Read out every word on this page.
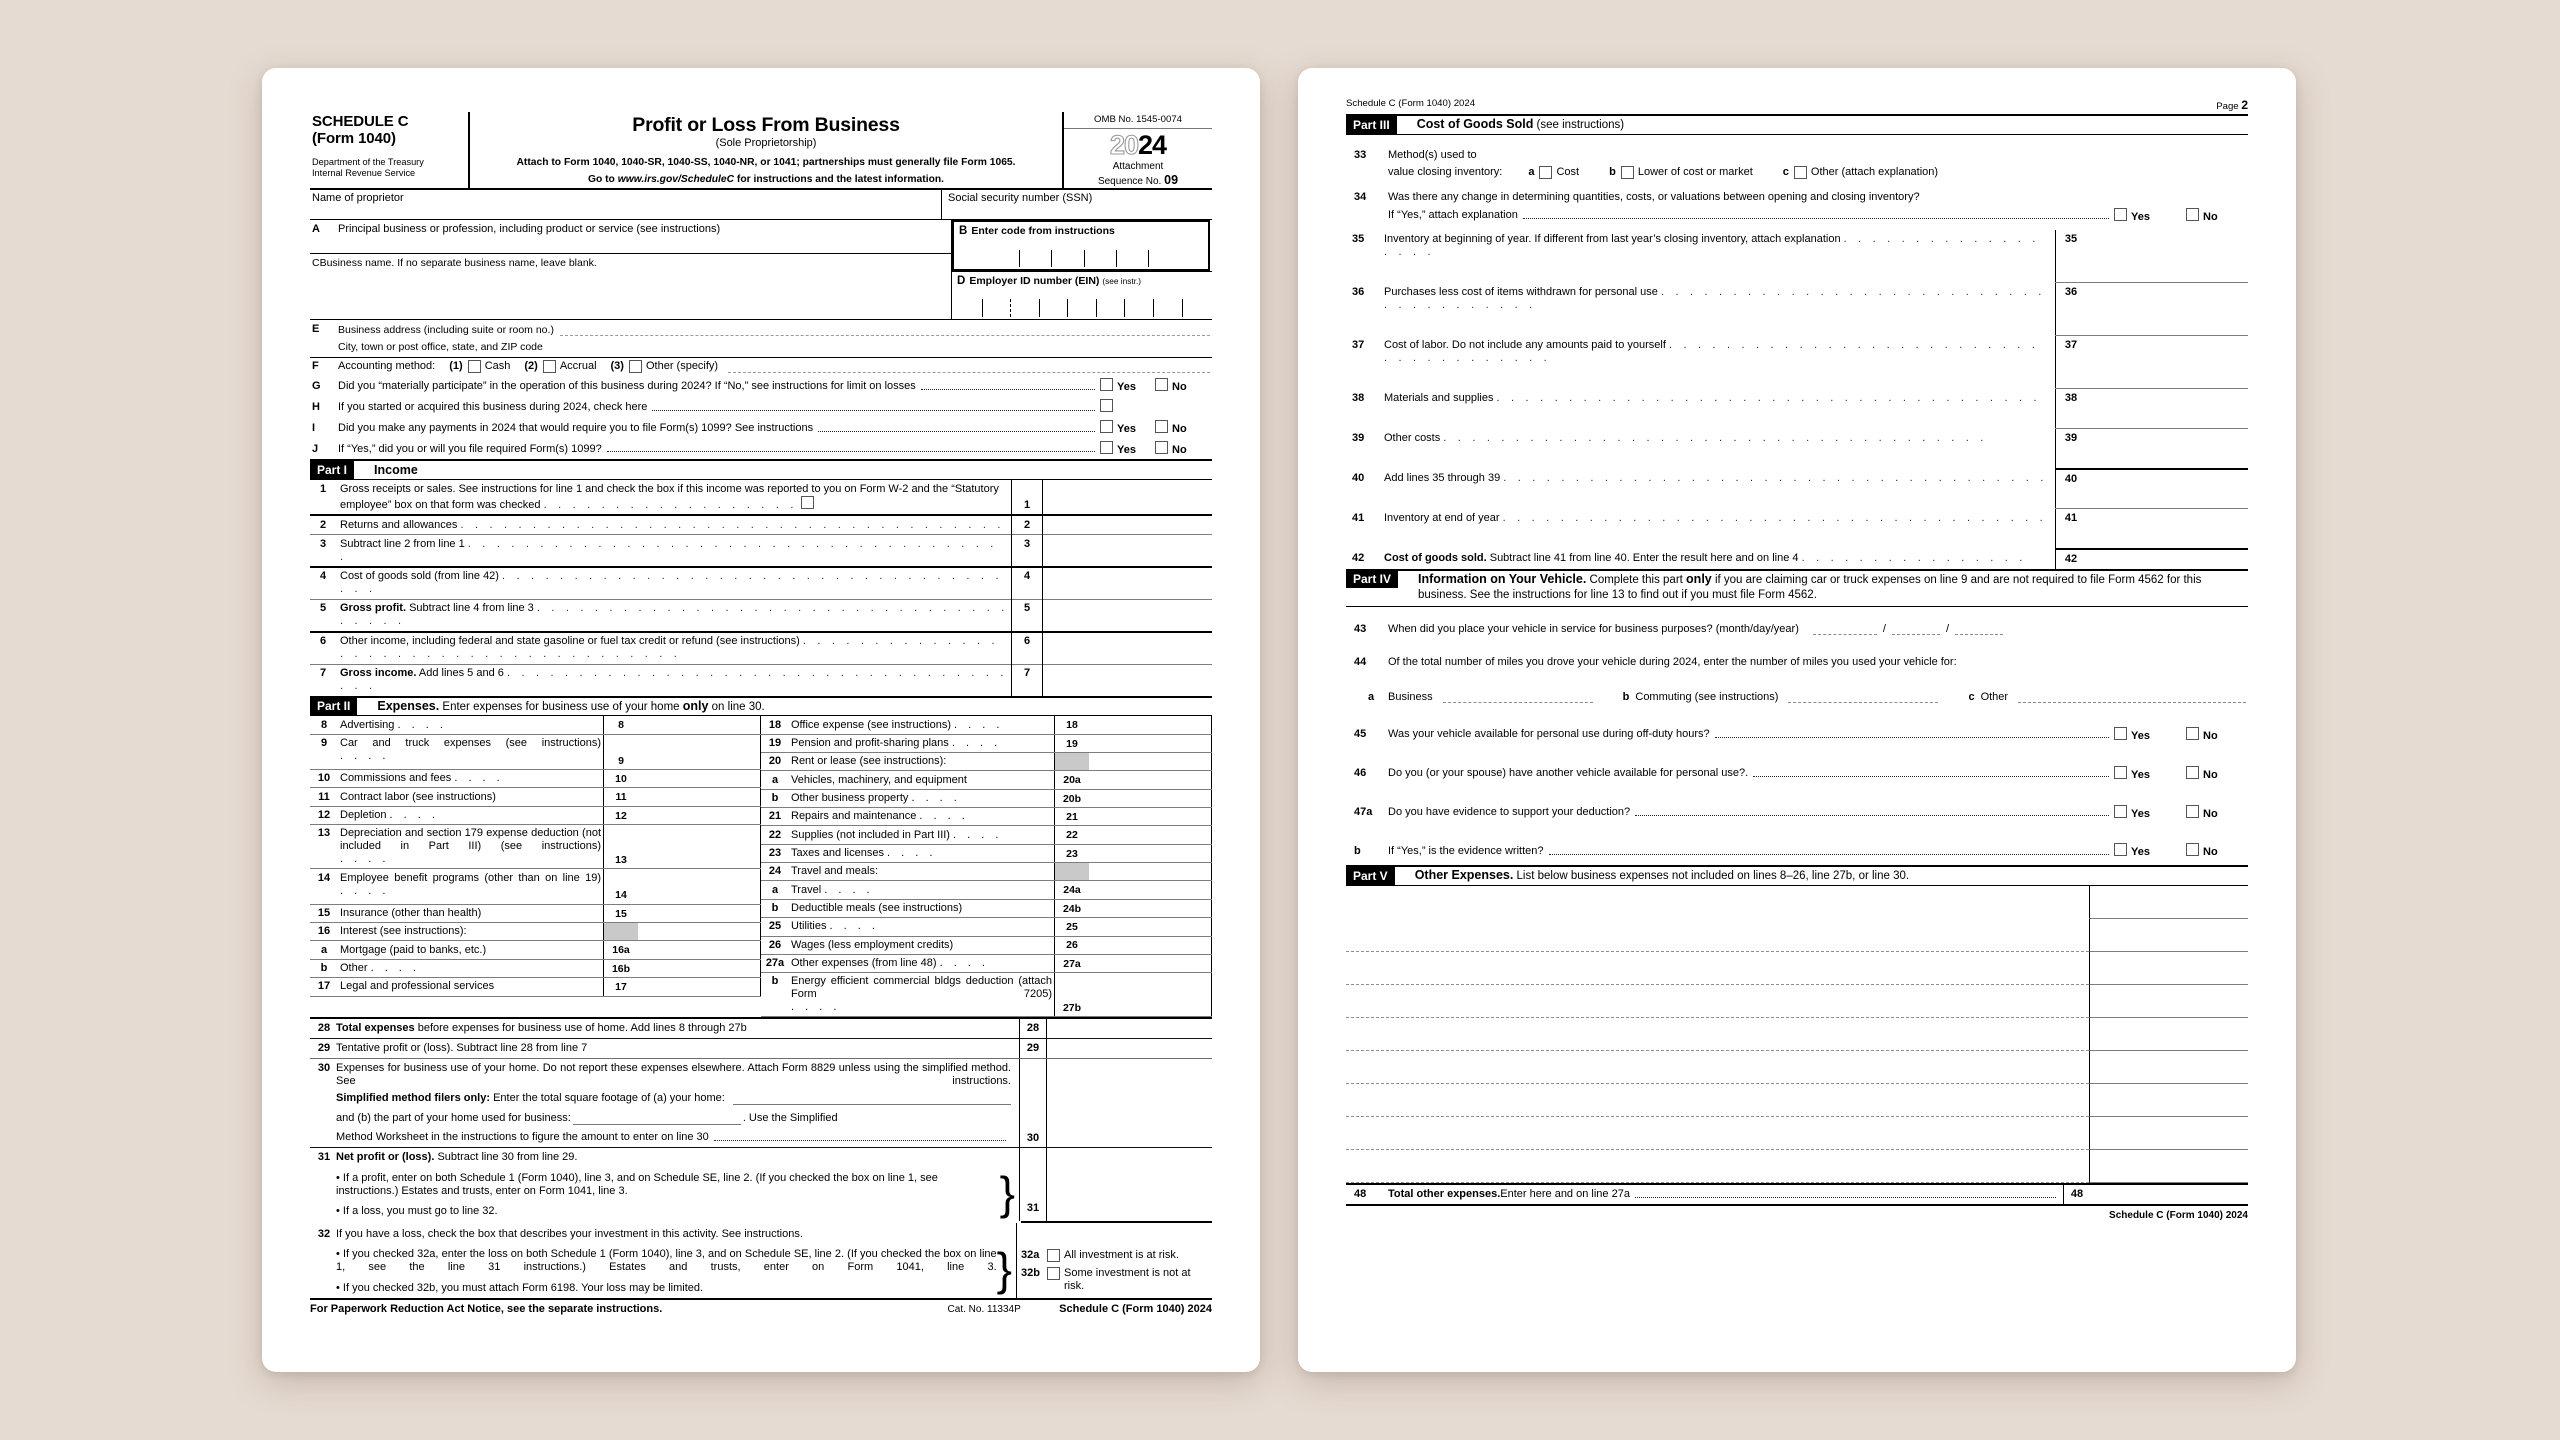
SCHEDULE C
(Form 1040)
Department of the Treasury
Internal Revenue Service
Profit or Loss From Business
(Sole Proprietorship)
Attach to Form 1040, 1040-SR, 1040-SS, 1040-NR, or 1041; partnerships must generally file Form 1065.
Go to www.irs.gov/ScheduleC for instructions and the latest information.
OMB No. 1545-0074
2024
Attachment
Sequence No. 09
Name of proprietor	Social security number (SSN)
A	Principal business or profession, including product or service (see instructions)
C Business name. If no separate business name, leave blank.
B Enter code from instructions
D Employer ID number (EIN) (see instr.)
E	Business address (including suite or room no.)
City, town or post office, state, and ZIP code
F	Accounting method: (1) Cash (2) Accrual (3) Other (specify)
G	Did you “materially participate” in the operation of this business during 2024? If “No,” see instructions for limit on losses	Yes	No
H	If you started or acquired this business during 2024, check here
I	Did you make any payments in 2024 that would require you to file Form(s) 1099? See instructions	Yes	No
J	If “Yes,” did you or will you file required Form(s) 1099?	Yes	No
Part I	Income
1	Gross receipts or sales. See instructions for line 1 and check the box if this income was reported to you on Form W-2 and the “Statutory employee” box on that form was checked . . . . . . . . . . . . . . . . . .	1	
2	Returns and allowances . . . . . . . . . . . . . . . . . . . . . . . . . . . . . . . . . . . . . .	2	
3	Subtract line 2 from line 1 . . . . . . . . . . . . . . . . . . . . . . . . . . . . . . . . . . . . . .	3	
4	Cost of goods sold (from line 42) . . . . . . . . . . . . . . . . . . . . . . . . . . . . . . . . . . . . . .	4	
5	Gross profit. Subtract line 4 from line 3 . . . . . . . . . . . . . . . . . . . . . . . . . . . . . . . . . . . . . .	5	
6	Other income, including federal and state gasoline or fuel tax credit or refund (see instructions) . . . . . . . . . . . . . . . . . . . . . . . . . . . . . . . . . . . . . .	6	
7	Gross income. Add lines 5 and 6 . . . . . . . . . . . . . . . . . . . . . . . . . . . . . . . . . . . . . .	7	
Part II	Expenses. Enter expenses for business use of your home only on line 30.
8	Advertising . . . .	8	
9	Car and truck expenses (see instructions)
. . . .	9	
10	Commissions and fees . . . .	10	
11	Contract labor (see instructions)	11	
12	Depletion . . . .	12	
13	Depreciation and section 179 expense deduction (not included in Part III) (see instructions)
. . . .	13	
14	Employee benefit programs (other than on line 19)
. . . .	14	
15	Insurance (other than health)	15	
16	Interest (see instructions):		
a	Mortgage (paid to banks, etc.)	16a	
b	Other . . . .	16b	
17	Legal and professional services	17	
18	Office expense (see instructions) . . . .	18	
19	Pension and profit-sharing plans . . . .	19	
20	Rent or lease (see instructions):		
a	Vehicles, machinery, and equipment	20a	
b	Other business property . . . .	20b	
21	Repairs and maintenance . . . .	21	
22	Supplies (not included in Part III) . . . .	22	
23	Taxes and licenses . . . .	23	
24	Travel and meals:		
a	Travel . . . .	24a	
b	Deductible meals (see instructions)	24b	
25	Utilities . . . .	25	
26	Wages (less employment credits)	26	
27a	Other expenses (from line 48) . . . .	27a	
b	Energy efficient commercial bldgs deduction (attach Form 7205)
. . . .	27b	
28 Total expenses before expenses for business use of home. Add lines 8 through 27b	28
29 Tentative profit or (loss). Subtract line 28 from line 7	29
30 Expenses for business use of your home. Do not report these expenses elsewhere. Attach Form 8829 unless using the simplified method. See instructions.
Simplified method filers only: Enter the total square footage of (a) your home:
and (b) the part of your home used for business:	. Use the Simplified
Method Worksheet in the instructions to figure the amount to enter on line 30	30
31 Net profit or (loss). Subtract line 30 from line 29.
• If a profit, enter on both Schedule 1 (Form 1040), line 3, and on Schedule SE, line 2. (If you checked the box on line 1, see instructions.) Estates and trusts, enter on Form 1041, line 3.
• If a loss, you must go to line 32.	}	31
32 If you have a loss, check the box that describes your investment in this activity. See instructions.
• If you checked 32a, enter the loss on both Schedule 1 (Form 1040), line 3, and on Schedule SE, line 2. (If you checked the box on line 1, see the line 31 instructions.) Estates and trusts, enter on Form 1041, line 3.
• If you checked 32b, you must attach Form 6198. Your loss may be limited.	} 32a	All investment is at risk.
32b	Some investment is not at risk.
For Paperwork Reduction Act Notice, see the separate instructions.	Cat. No. 11334P	Schedule C (Form 1040) 2024
Schedule C (Form 1040) 2024	Page 2
Part III	Cost of Goods Sold (see instructions)
33	Method(s) used to
value closing inventory: a Cost	b Lower of cost or market	c Other (attach explanation)
34	Was there any change in determining quantities, costs, or valuations between opening and closing inventory?
If “Yes,” attach explanation	Yes	No
35	Inventory at beginning of year. If different from last year’s closing inventory, attach explanation . . . . . . . . . . . . . . . . . .	35	
36	Purchases less cost of items withdrawn for personal use . . . . . . . . . . . . . . . . . . . . . . . . . . . . . . . . . . . . . .	36	
37	Cost of labor. Do not include any amounts paid to yourself . . . . . . . . . . . . . . . . . . . . . . . . . . . . . . . . . . . . . .	37	
38	Materials and supplies . . . . . . . . . . . . . . . . . . . . . . . . . . . . . . . . . . . . . .	38	
39	Other costs . . . . . . . . . . . . . . . . . . . . . . . . . . . . . . . . . . . . . .	39	
40	Add lines 35 through 39 . . . . . . . . . . . . . . . . . . . . . . . . . . . . . . . . . . . . . .	40	
41	Inventory at end of year . . . . . . . . . . . . . . . . . . . . . . . . . . . . . . . . . . . . . .	41	
42	Cost of goods sold. Subtract line 41 from line 40. Enter the result here and on line 4 . . . . . . . . . . . . . . . .	42	
Part IV	Information on Your Vehicle. Complete this part only if you are claiming car or truck expenses on line 9 and are not required to file Form 4562 for this business. See the instructions for line 13 to find out if you must file Form 4562.
43	When did you place your vehicle in service for business purposes? (month/day/year)	/	/
44	Of the total number of miles you drove your vehicle during 2024, enter the number of miles you used your vehicle for:
a	Business	b Commuting (see instructions)	c Other
45	Was your vehicle available for personal use during off-duty hours?	Yes	No
46	Do you (or your spouse) have another vehicle available for personal use?.	Yes	No
47a	Do you have evidence to support your deduction?	Yes	No
b	If “Yes,” is the evidence written?	Yes	No
Part V	Other Expenses. List below business expenses not included on lines 8–26, line 27b, or line 30.
48	Total other expenses. Enter here and on line 27a	48
Schedule C (Form 1040) 2024
